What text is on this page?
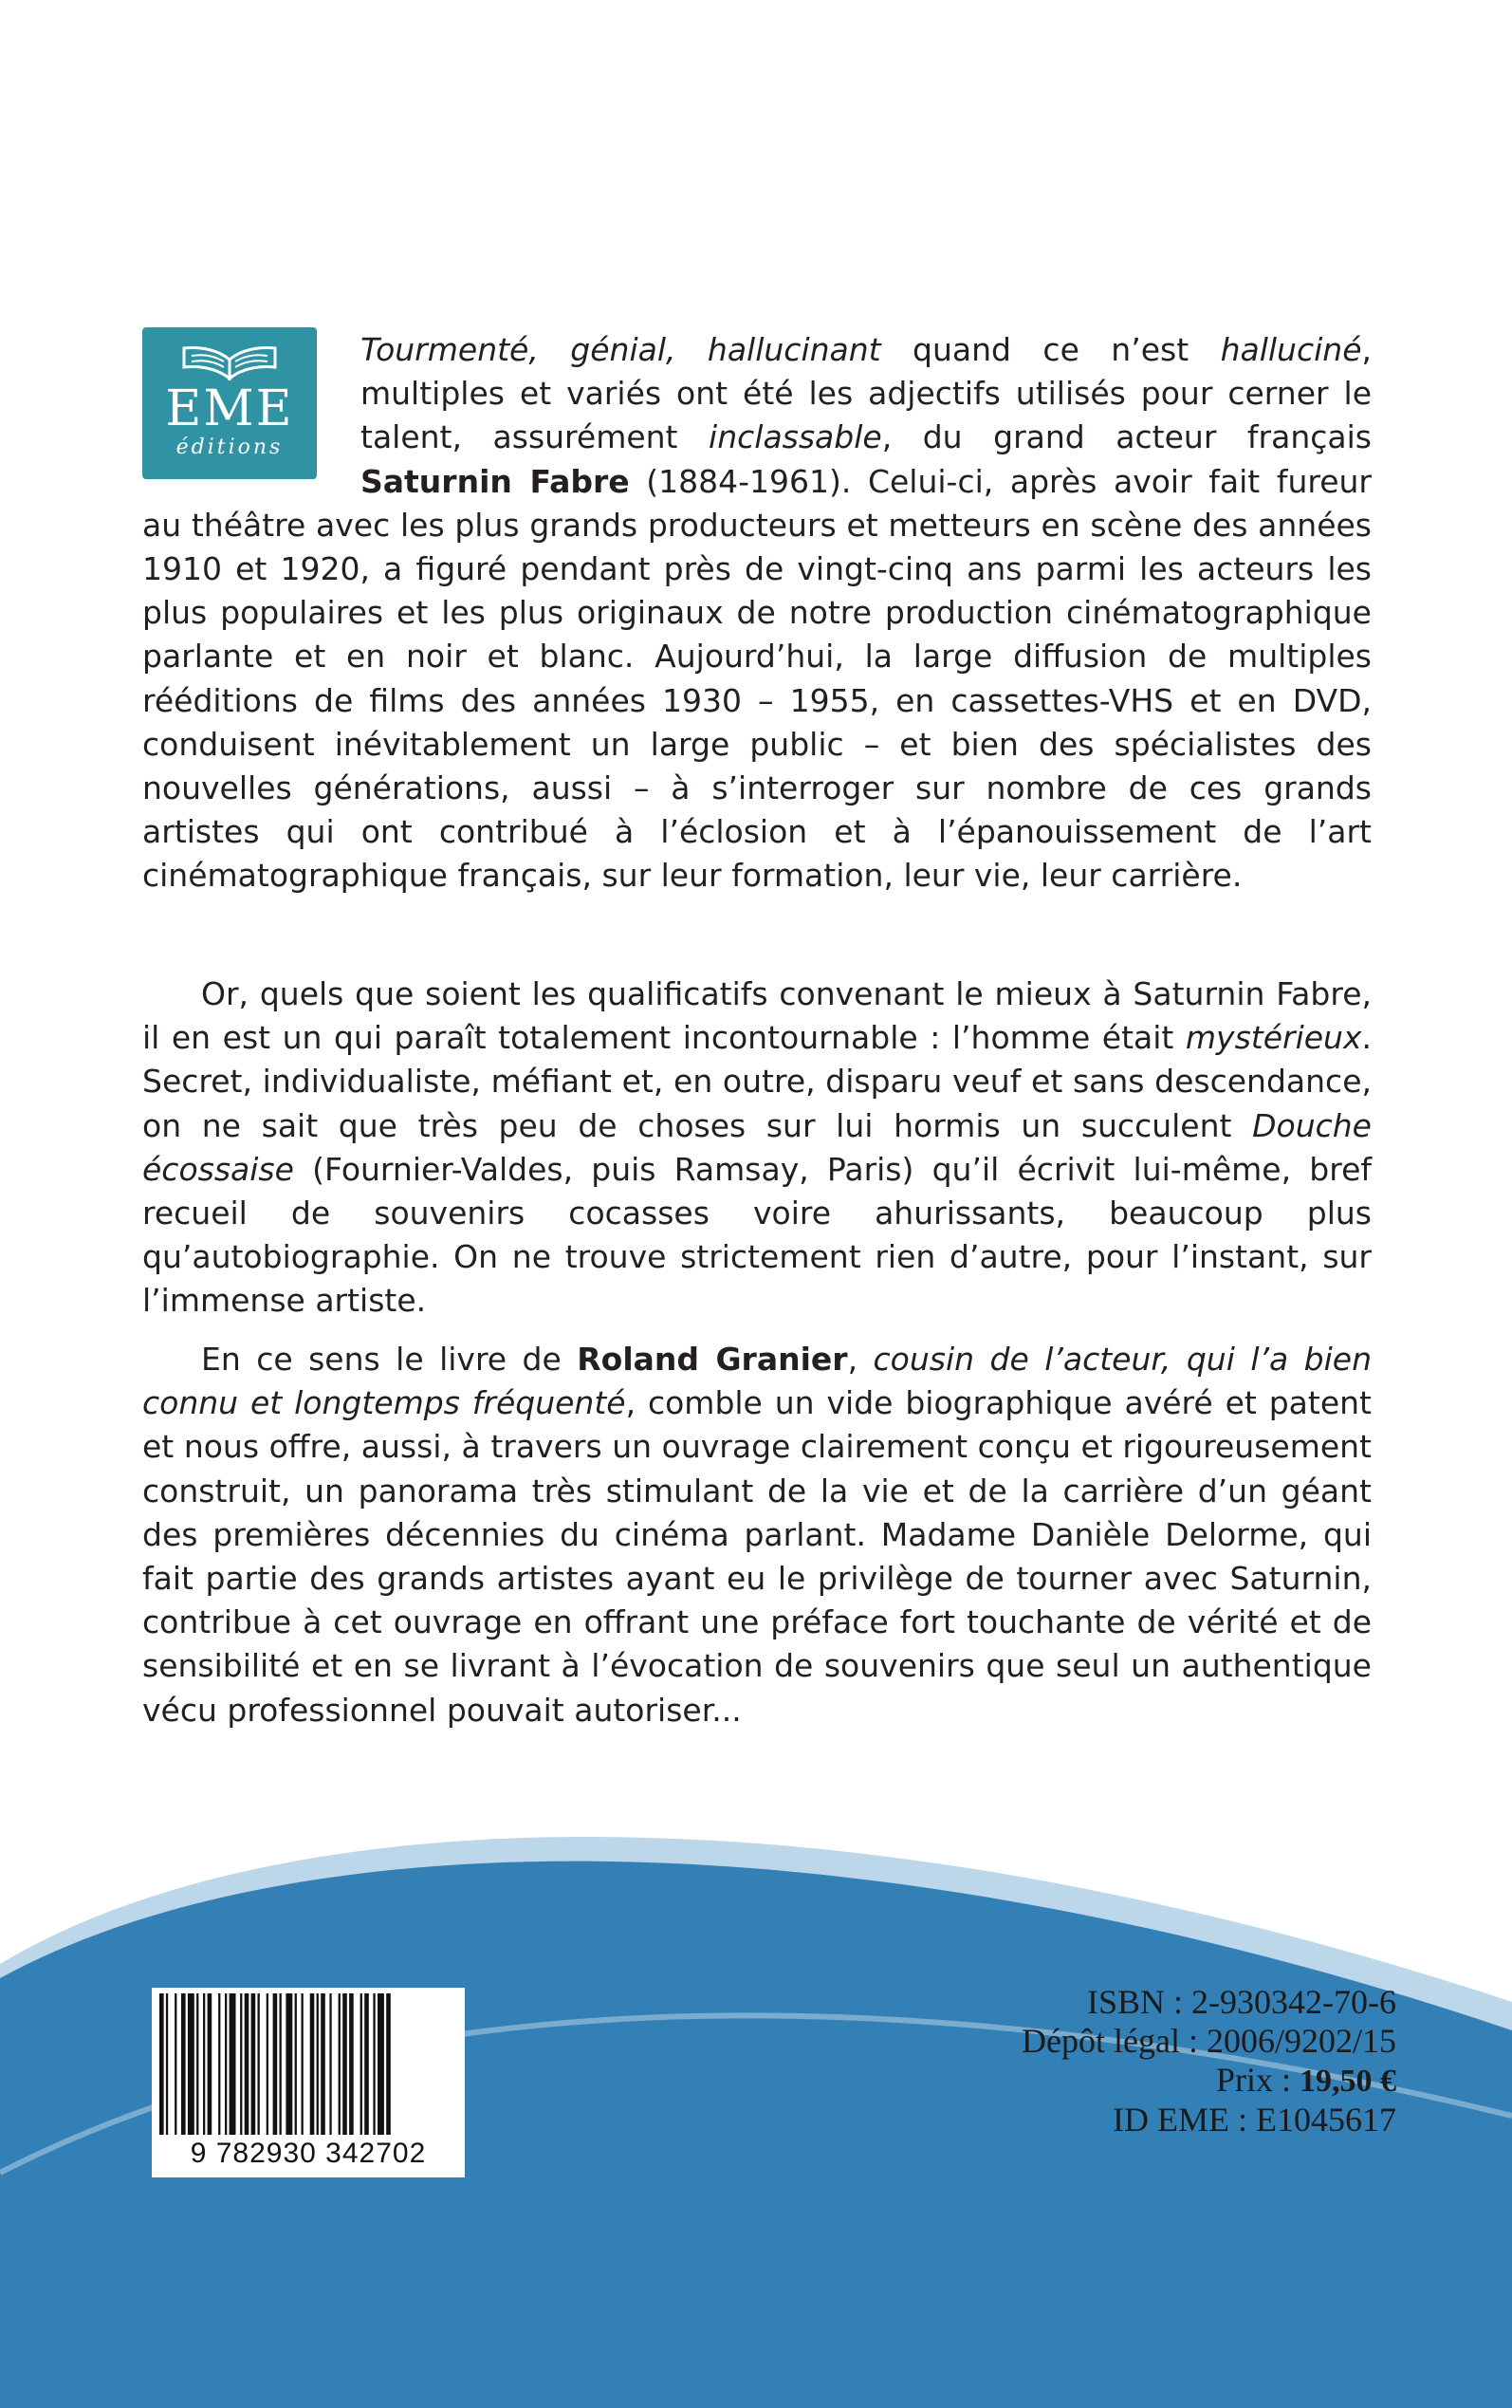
EME
éditions
Tourmenté, génial, hallucinant quand ce n’est halluciné, multiples et variés ont été les adjectifs utilisés pour cerner le talent, assurément inclassable, du grand acteur français Saturnin Fabre (1884-1961). Celui-ci, après avoir fait fureur au théâtre avec les plus grands producteurs et metteurs en scène des années 1910 et 1920, a figuré pendant près de vingt-cinq ans parmi les acteurs les plus populaires et les plus originaux de notre production cinématographique parlante et en noir et blanc. Aujourd’hui, la large diffusion de multiples rééditions de films des années 1930 – 1955, en cassettes-VHS et en DVD, conduisent inévitablement un large public – et bien des spécialistes des nouvelles générations, aussi – à s’interroger sur nombre de ces grands artistes qui ont contribué à l’éclosion et à l’épanouissement de l’art cinématographique français, sur leur formation, leur vie, leur carrière.
Or, quels que soient les qualificatifs convenant le mieux à Saturnin Fabre, il en est un qui paraît totalement incontournable : l’homme était mystérieux. Secret, individualiste, méfiant et, en outre, disparu veuf et sans descendance, on ne sait que très peu de choses sur lui hormis un succulent Douche écossaise (Fournier-Valdes, puis Ramsay, Paris) qu’il écrivit lui-même, bref recueil de souvenirs cocasses voire ahurissants, beaucoup plus qu’autobiographie. On ne trouve strictement rien d’autre, pour l’instant, sur l’immense artiste.
En ce sens le livre de Roland Granier, cousin de l’acteur, qui l’a bien connu et longtemps fréquenté, comble un vide biographique avéré et patent et nous offre, aussi, à travers un ouvrage clairement conçu et rigoureusement construit, un panorama très stimulant de la vie et de la carrière d’un géant des premières décennies du cinéma parlant. Madame Danièle Delorme, qui fait partie des grands artistes ayant eu le privilège de tourner avec Saturnin, contribue à cet ouvrage en offrant une préface fort touchante de vérité et de sensibilité et en se livrant à l’évocation de souvenirs que seul un authentique vécu professionnel pouvait autoriser...
9 782930 342702
ISBN : 2-930342-70-6
Dépôt légal : 2006/9202/15
Prix : 19,50 €
ID EME : E1045617
